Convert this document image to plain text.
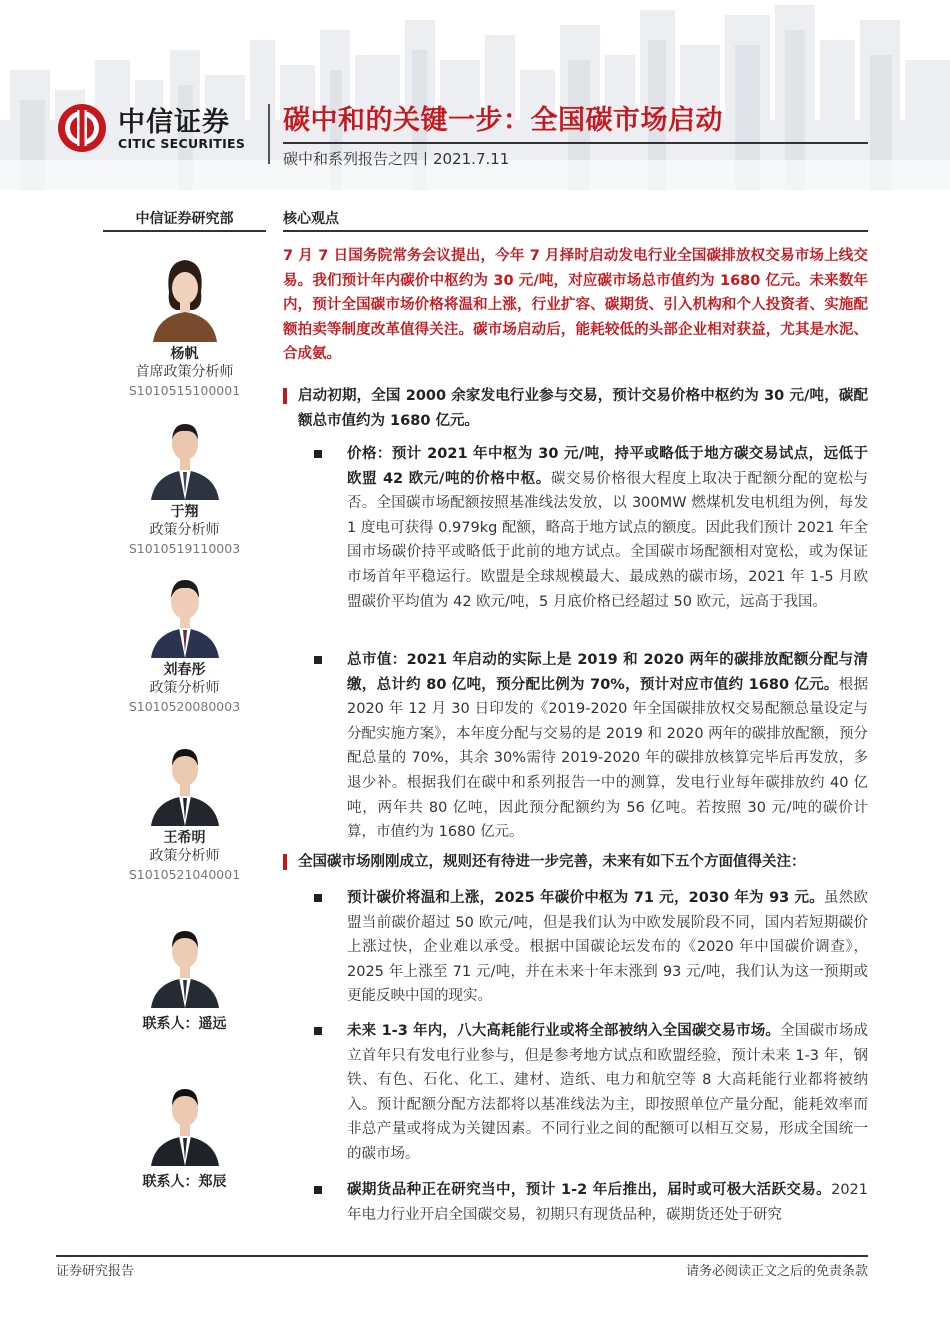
中信证券
CITIC SECURITIES
碳中和的关键一步：全国碳市场启动
碳中和系列报告之四丨2021.7.11
中信证券研究部
杨帆
首席政策分析师
S1010515100001
于翔
政策分析师
S1010519110003
刘春彤
政策分析师
S1010520080003
王希明
政策分析师
S1010521040001
联系人：遥远
联系人：郑辰
核心观点
7 月 7 日国务院常务会议提出，今年 7 月择时启动发电行业全国碳排放权交易市场上线交易。我们预计年内碳价中枢约为 30 元/吨，对应碳市场总市值约为 1680 亿元。未来数年内，预计全国碳市场价格将温和上涨，行业扩容、碳期货、引入机构和个人投资者、实施配额拍卖等制度改革值得关注。碳市场启动后，能耗较低的头部企业相对获益，尤其是水泥、合成氨。
启动初期，全国 2000 余家发电行业参与交易，预计交易价格中枢约为 30 元/吨，碳配额总市值约为 1680 亿元。
价格：预计 2021 年中枢为 30 元/吨，持平或略低于地方碳交易试点，远低于欧盟 42 欧元/吨的价格中枢。碳交易价格很大程度上取决于配额分配的宽松与否。全国碳市场配额按照基准线法发放，以 300MW 燃煤机发电机组为例，每发 1 度电可获得 0.979kg 配额，略高于地方试点的额度。因此我们预计 2021 年全国市场碳价持平或略低于此前的地方试点。全国碳市场配额相对宽松，或为保证市场首年平稳运行。欧盟是全球规模最大、最成熟的碳市场，2021 年 1-5 月欧盟碳价平均值为 42 欧元/吨，5 月底价格已经超过 50 欧元，远高于我国。
总市值：2021 年启动的实际上是 2019 和 2020 两年的碳排放配额分配与清缴，总计约 80 亿吨，预分配比例为 70%，预计对应市值约 1680 亿元。根据 2020 年 12 月 30 日印发的《2019-2020 年全国碳排放权交易配额总量设定与分配实施方案》，本年度分配与交易的是 2019 和 2020 两年的碳排放配额，预分配总量的 70%，其余 30%需待 2019-2020 年的碳排放核算完毕后再发放，多退少补。根据我们在碳中和系列报告一中的测算，发电行业每年碳排放约 40 亿吨，两年共 80 亿吨，因此预分配额约为 56 亿吨。若按照 30 元/吨的碳价计算，市值约为 1680 亿元。
全国碳市场刚刚成立，规则还有待进一步完善，未来有如下五个方面值得关注：
预计碳价将温和上涨，2025 年碳价中枢为 71 元，2030 年为 93 元。虽然欧盟当前碳价超过 50 欧元/吨，但是我们认为中欧发展阶段不同，国内若短期碳价上涨过快，企业难以承受。根据中国碳论坛发布的《2020 年中国碳价调查》， 2025 年上涨至 71 元/吨，并在未来十年末涨到 93 元/吨，我们认为这一预期或更能反映中国的现实。
未来 1-3 年内，八大高耗能行业或将全部被纳入全国碳交易市场。全国碳市场成立首年只有发电行业参与，但是参考地方试点和欧盟经验，预计未来 1-3 年，钢铁、有色、石化、化工、建材、造纸、电力和航空等 8 大高耗能行业都将被纳入。预计配额分配方法都将以基准线法为主，即按照单位产量分配，能耗效率而非总产量或将成为关键因素。不同行业之间的配额可以相互交易，形成全国统一的碳市场。
碳期货品种正在研究当中，预计 1-2 年后推出，届时或可极大活跃交易。2021 年电力行业开启全国碳交易，初期只有现货品种，碳期货还处于研究
证券研究报告	请务必阅读正文之后的免责条款
